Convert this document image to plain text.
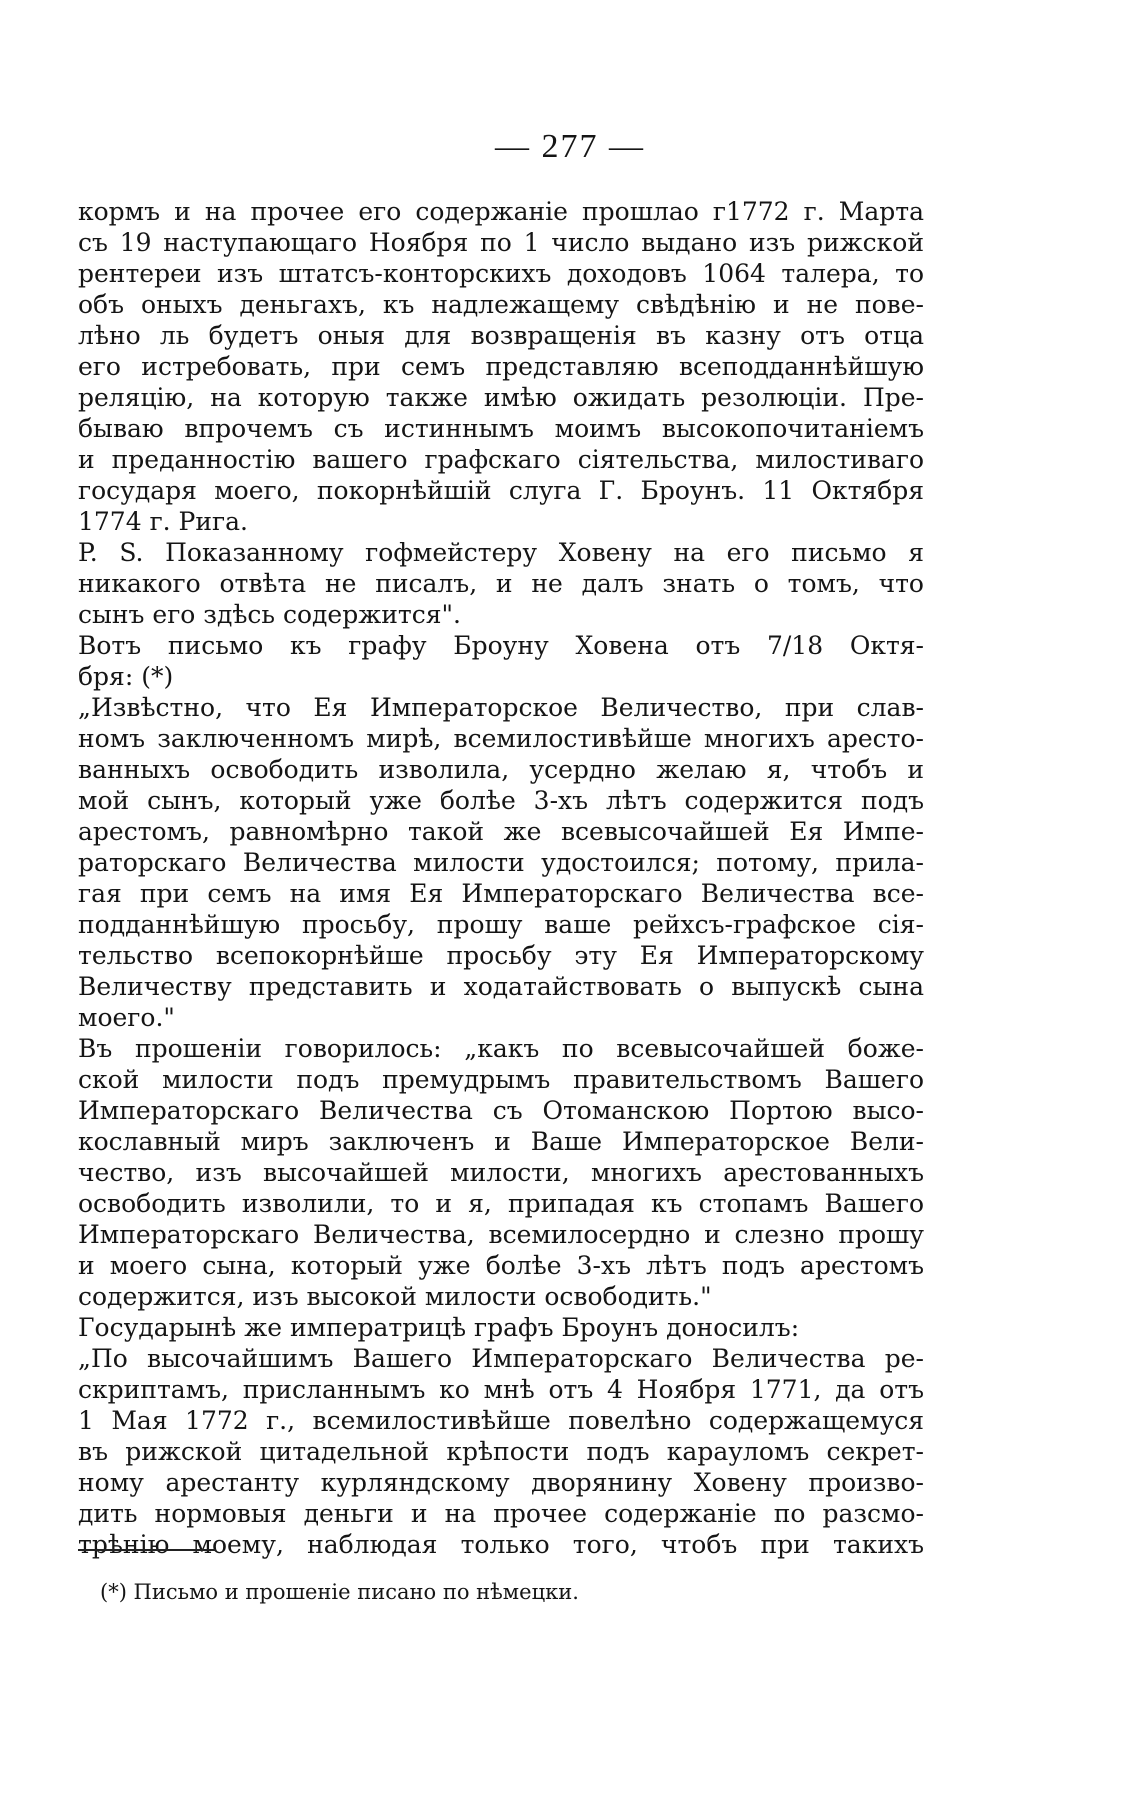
— 277 —
кормъ и на прочее его содержаніе прошлао г1772 г. Марта
съ 19 наступающаго Ноября по 1 число выдано изъ рижской
рентереи изъ штатсъ-конторскихъ доходовъ 1064 талера, то
объ оныхъ деньгахъ, къ надлежащему свѣдѣнію и не пове-
лѣно ль будетъ оныя для возвращенія въ казну отъ отца
его истребовать, при семъ представляю всеподданнѣйшую
реляцію, на которую также имѣю ожидать резолюціи. Пре-
бываю впрочемъ съ истиннымъ моимъ высокопочитаніемъ
и преданностію вашего графскаго сіятельства, милостиваго
государя моего, покорнѣйшій слуга Г. Броунъ. 11 Октября
1774 г. Рига.
P. S. Показанному гофмейстеру Ховену на его письмо я
никакого отвѣта не писалъ, и не далъ знать о томъ, что
сынъ его здѣсь содержится".
Вотъ письмо къ графу Броуну Ховена отъ 7/18 Октя-
бря: (*)
„Извѣстно, что Ея Императорское Величество, при слав-
номъ заключенномъ мирѣ, всемилостивѣйше многихъ аресто-
ванныхъ освободить изволила, усердно желаю я, чтобъ и
мой сынъ, который уже болѣе 3-хъ лѣтъ содержится подъ
арестомъ, равномѣрно такой же всевысочайшей Ея Импе-
раторскаго Величества милости удостоился; потому, прила-
гая при семъ на имя Ея Императорскаго Величества все-
подданнѣйшую просьбу, прошу ваше рейхсъ-графское сія-
тельство всепокорнѣйше просьбу эту Ея Императорскому
Величеству представить и ходатайствовать о выпускѣ сына
моего."
Въ прошеніи говорилось: „какъ по всевысочайшей боже-
ской милости подъ премудрымъ правительствомъ Вашего
Императорскаго Величества съ Отоманскою Портою высо-
кославный миръ заключенъ и Ваше Императорское Вели-
чество, изъ высочайшей милости, многихъ арестованныхъ
освободить изволили, то и я, припадая къ стопамъ Вашего
Императорскаго Величества, всемилосердно и слезно прошу
и моего сына, который уже болѣе 3-хъ лѣтъ подъ арестомъ
содержится, изъ высокой милости освободить."
Государынѣ же императрицѣ графъ Броунъ доносилъ:
„По высочайшимъ Вашего Императорскаго Величества ре-
скриптамъ, присланнымъ ко мнѣ отъ 4 Ноября 1771, да отъ
1 Мая 1772 г., всемилостивѣйше повелѣно содержащемуся
въ рижской цитадельной крѣпости подъ карауломъ секрет-
ному арестанту курляндскому дворянину Ховену произво-
дить нормовыя деньги и на прочее содержаніе по разсмо-
трѣнію моему, наблюдая только того, чтобъ при такихъ
(*) Письмо и прошеніе писано по нѣмецки.
